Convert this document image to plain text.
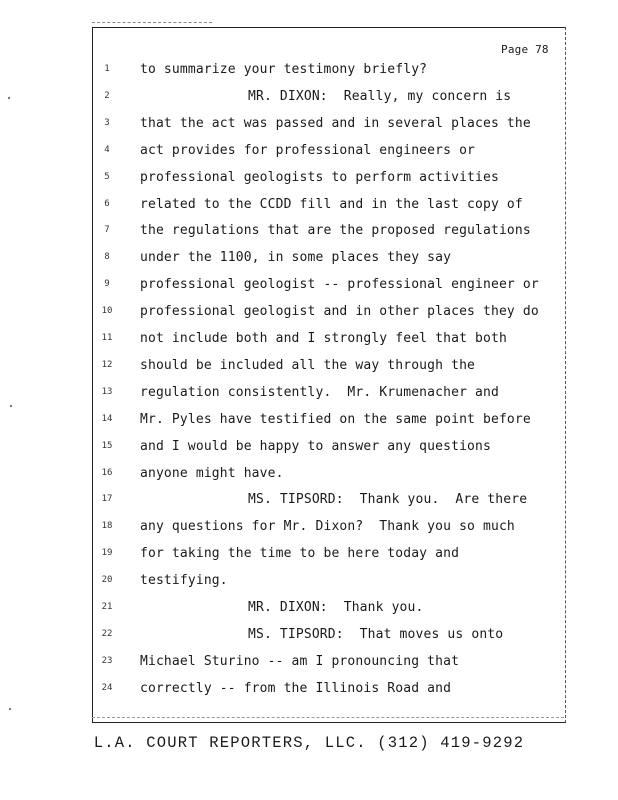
Page 78
1	to summarize your testimony briefly?
2	MR. DIXON:  Really, my concern is
3	that the act was passed and in several places the
4	act provides for professional engineers or
5	professional geologists to perform activities
6	related to the CCDD fill and in the last copy of
7	the regulations that are the proposed regulations
8	under the 1100, in some places they say
9	professional geologist -- professional engineer or
10	professional geologist and in other places they do
11	not include both and I strongly feel that both
12	should be included all the way through the
13	regulation consistently.  Mr. Krumenacher and
14	Mr. Pyles have testified on the same point before
15	and I would be happy to answer any questions
16	anyone might have.
17	MS. TIPSORD:  Thank you.  Are there
18	any questions for Mr. Dixon?  Thank you so much
19	for taking the time to be here today and
20	testifying.
21	MR. DIXON:  Thank you.
22	MS. TIPSORD:  That moves us onto
23	Michael Sturino -- am I pronouncing that
24	correctly -- from the Illinois Road and
L.A. COURT REPORTERS, LLC. (312) 419-9292
